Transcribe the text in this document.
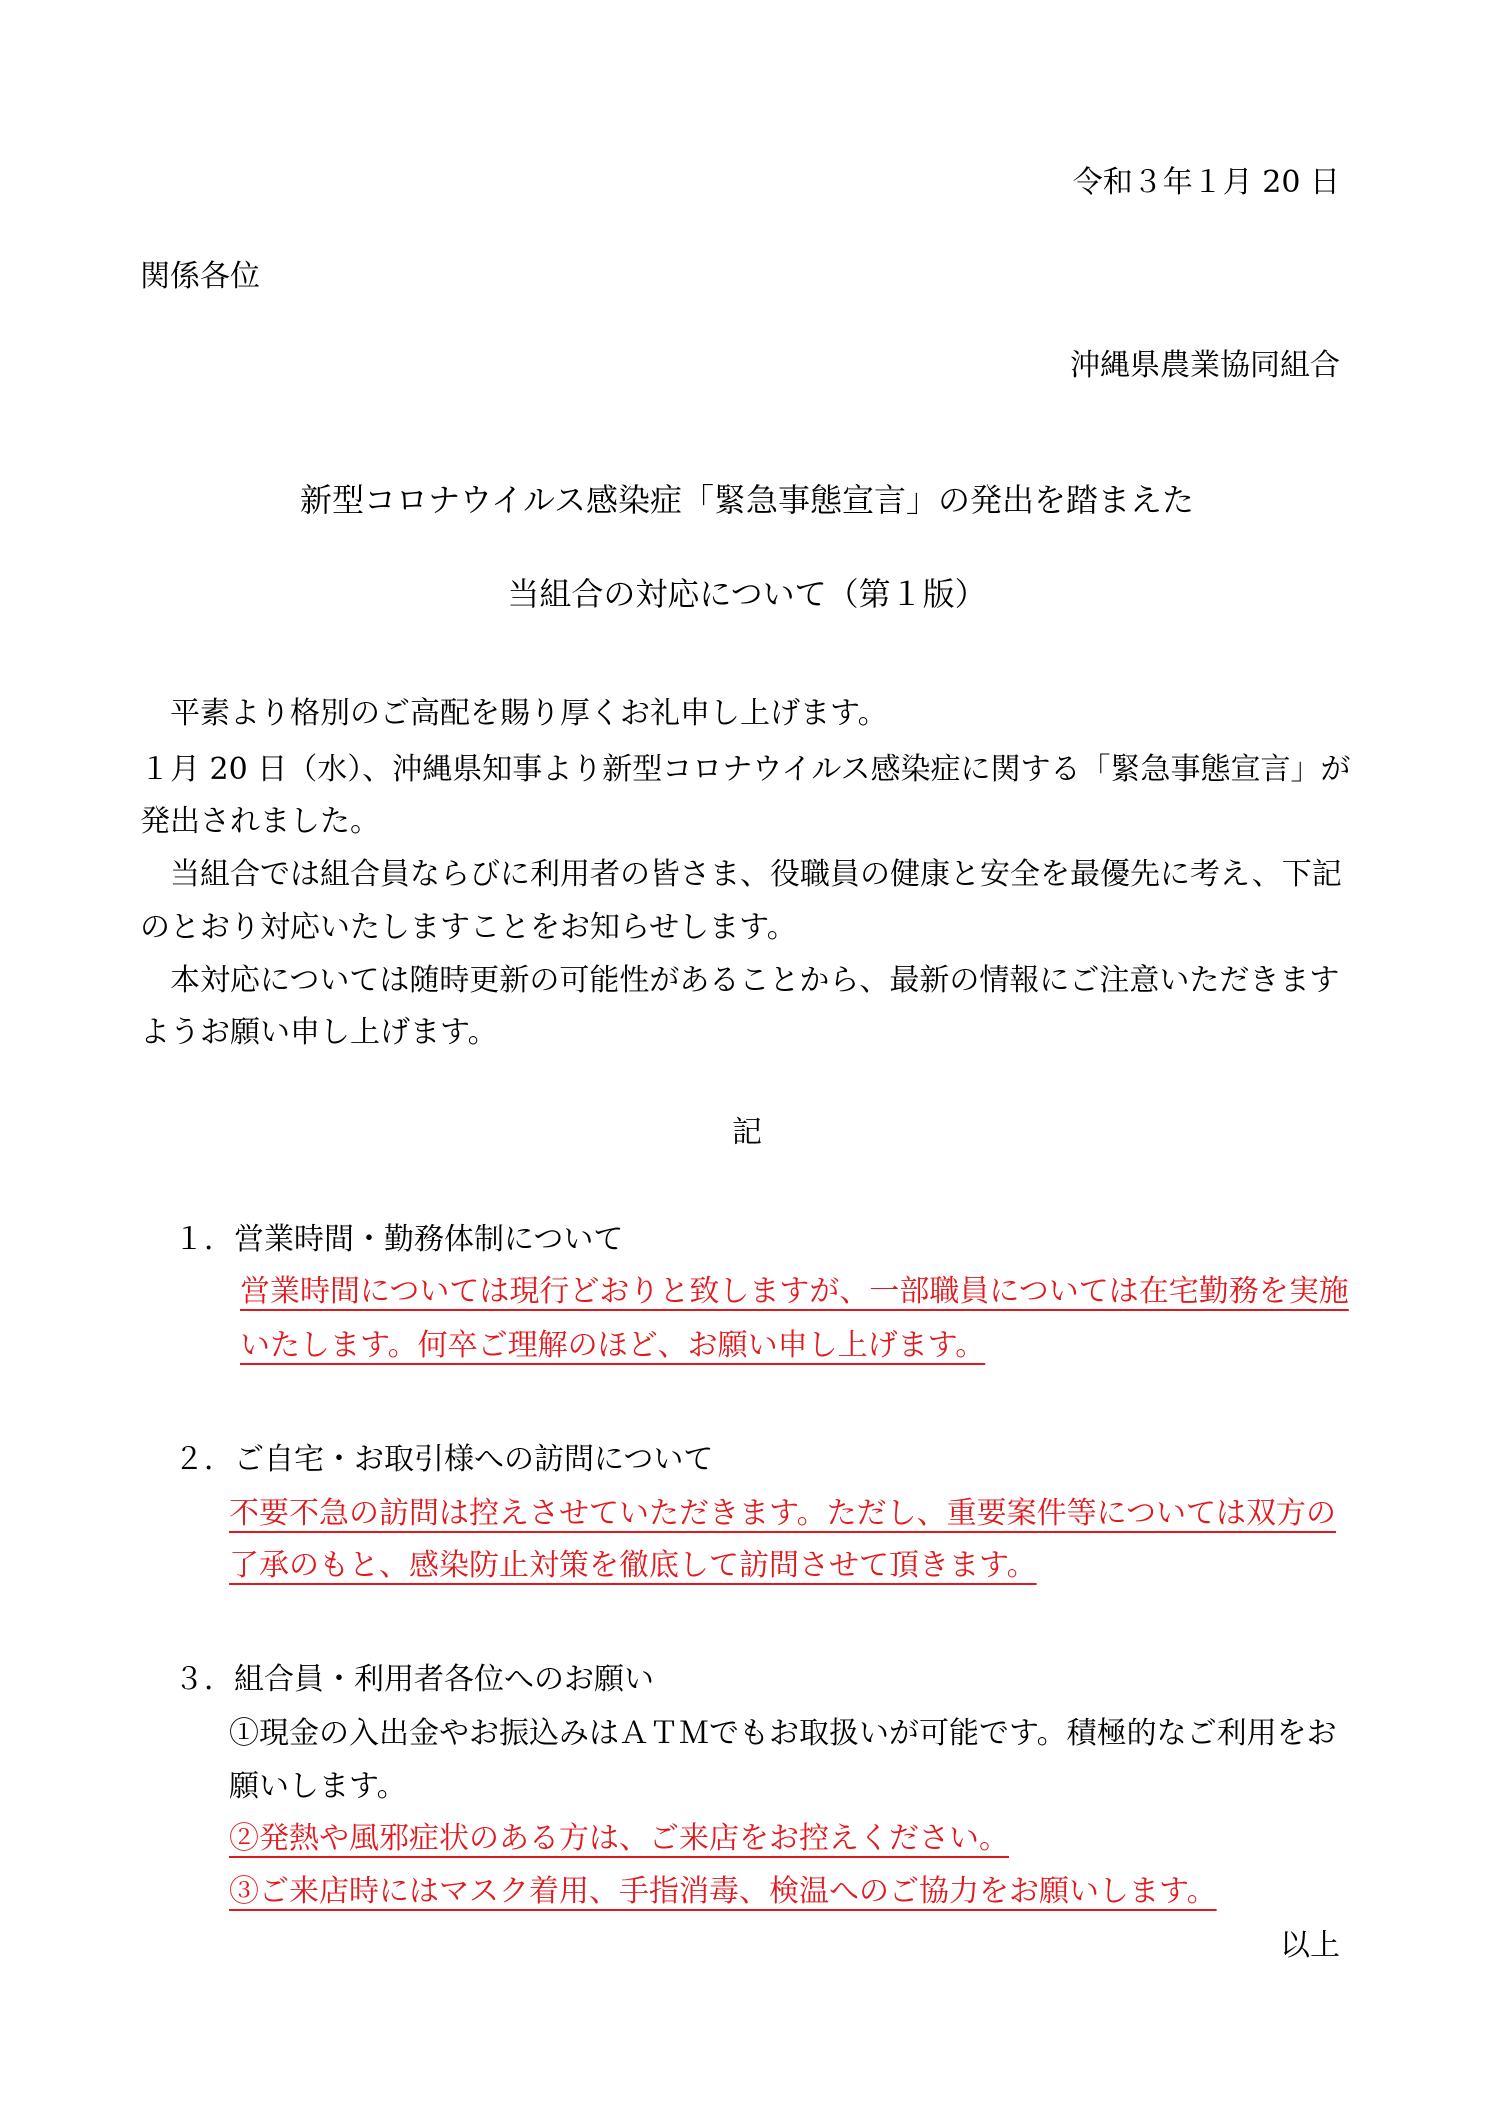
令和３年１月 20 日
関係各位
沖縄県農業協同組合
新型コロナウイルス感染症「緊急事態宣言」の発出を踏まえた
当組合の対応について（第１版）
　平素より格別のご高配を賜り厚くお礼申し上げます。
１月 20 日（水）、沖縄県知事より新型コロナウイルス感染症に関する「緊急事態宣言」が
発出されました。
　当組合では組合員ならびに利用者の皆さま、役職員の健康と安全を最優先に考え、下記
のとおり対応いたしますことをお知らせします。
　本対応については随時更新の可能性があることから、最新の情報にご注意いただきます
ようお願い申し上げます。
記
１．営業時間・勤務体制について
営業時間については現行どおりと致しますが、一部職員については在宅勤務を実施
いたします。何卒ご理解のほど、お願い申し上げます。
２．ご自宅・お取引様への訪問について
不要不急の訪問は控えさせていただきます。ただし、重要案件等については双方の
了承のもと、感染防止対策を徹底して訪問させて頂きます。
３．組合員・利用者各位へのお願い
①現金の入出金やお振込みはＡＴＭでもお取扱いが可能です。積極的なご利用をお
願いします。
②発熱や風邪症状のある方は、ご来店をお控えください。
③ご来店時にはマスク着用、手指消毒、検温へのご協力をお願いします。
以上
